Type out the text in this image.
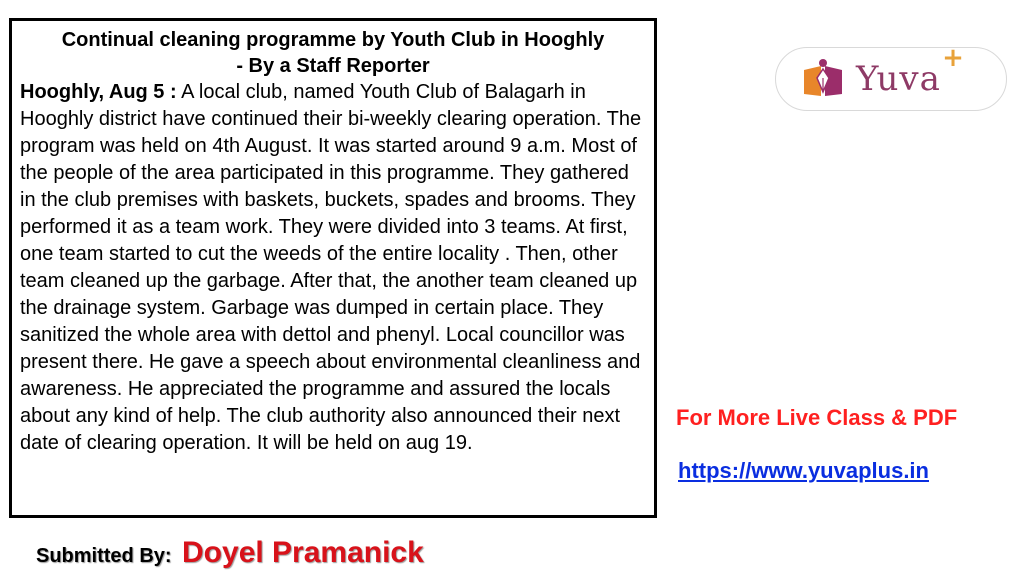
Continual cleaning programme by Youth Club in Hooghly
- By a Staff Reporter
Hooghly, Aug 5 : A local club, named Youth Club of Balagarh in Hooghly district have continued their bi-weekly clearing operation. The program was held on 4th August. It was started around 9 a.m. Most of the people of the area participated in this programme. They gathered in the club premises with baskets, buckets, spades and brooms. They performed it as a team work. They were divided into 3 teams. At first, one team started to cut the weeds of the entire locality . Then, other team cleaned up the garbage. After that, the another team cleaned up the drainage system. Garbage was dumped in certain place. They sanitized the whole area with dettol and phenyl. Local councillor was present there. He gave a speech about environmental cleanliness and awareness. He appreciated the programme and assured the locals about any kind of help. The club authority also announced their next date of clearing operation. It will be held on aug 19.
Yuva
+
For More Live Class & PDF
https://www.yuvaplus.in
Submitted By: Doyel Pramanick
